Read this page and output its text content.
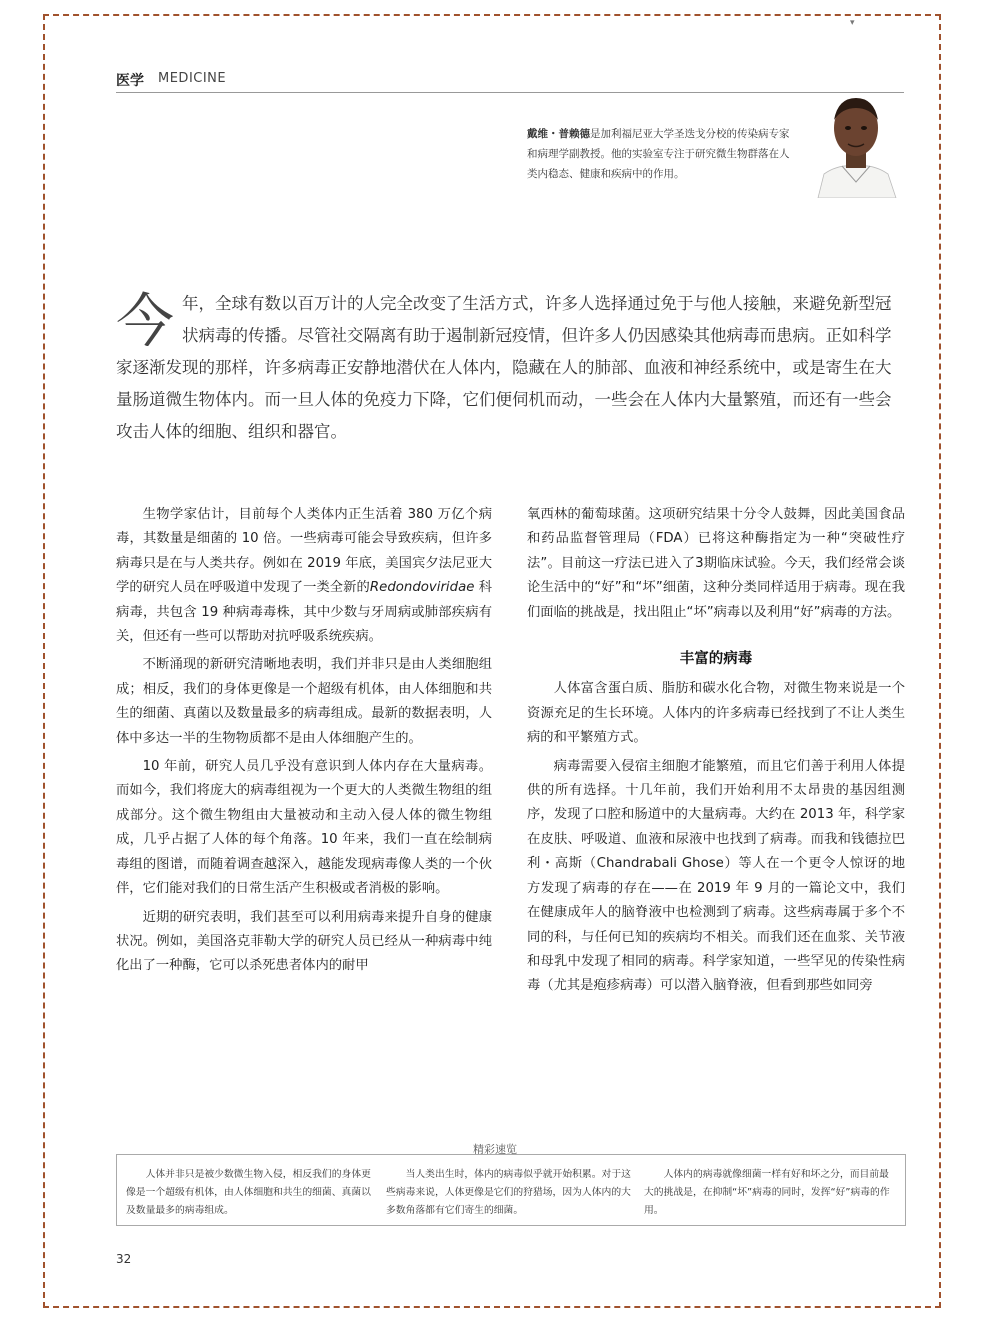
▾
医学 MEDICINE
戴维・普赖德是加利福尼亚大学圣迭戈分校的传染病专家和病理学副教授。他的实验室专注于研究微生物群落在人类内稳态、健康和疾病中的作用。
今年，全球有数以百万计的人完全改变了生活方式，许多人选择通过免于与他人接触，来避免新型冠状病毒的传播。尽管社交隔离有助于遏制新冠疫情，但许多人仍因感染其他病毒而患病。正如科学家逐渐发现的那样，许多病毒正安静地潜伏在人体内，隐藏在人的肺部、血液和神经系统中，或是寄生在大量肠道微生物体内。而一旦人体的免疫力下降，它们便伺机而动，一些会在人体内大量繁殖，而还有一些会攻击人体的细胞、组织和器官。

生物学家估计，目前每个人类体内正生活着 380 万亿个病毒，其数量是细菌的 10 倍。一些病毒可能会导致疾病，但许多病毒只是在与人类共存。例如在 2019 年底，美国宾夕法尼亚大学的研究人员在呼吸道中发现了一类全新的Redondoviridae 科病毒，共包含 19 种病毒毒株，其中少数与牙周病或肺部疾病有关，但还有一些可以帮助对抗呼吸系统疾病。

不断涌现的新研究清晰地表明，我们并非只是由人类细胞组成；相反，我们的身体更像是一个超级有机体，由人体细胞和共生的细菌、真菌以及数量最多的病毒组成。最新的数据表明，人体中多达一半的生物物质都不是由人体细胞产生的。

10 年前，研究人员几乎没有意识到人体内存在大量病毒。而如今，我们将庞大的病毒组视为一个更大的人类微生物组的组成部分。这个微生物组由大量被动和主动入侵人体的微生物组成，几乎占据了人体的每个角落。10 年来，我们一直在绘制病毒组的图谱，而随着调查越深入，越能发现病毒像人类的一个伙伴，它们能对我们的日常生活产生积极或者消极的影响。

近期的研究表明，我们甚至可以利用病毒来提升自身的健康状况。例如，美国洛克菲勒大学的研究人员已经从一种病毒中纯化出了一种酶，它可以杀死患者体内的耐甲

氧西林的葡萄球菌。这项研究结果十分令人鼓舞，因此美国食品和药品监督管理局（FDA）已将这种酶指定为一种“突破性疗法”。目前这一疗法已进入了3期临床试验。今天，我们经常会谈论生活中的“好”和“坏”细菌，这种分类同样适用于病毒。现在我们面临的挑战是，找出阻止“坏”病毒以及利用“好”病毒的方法。

丰富的病毒

人体富含蛋白质、脂肪和碳水化合物，对微生物来说是一个资源充足的生长环境。人体内的许多病毒已经找到了不让人类生病的和平繁殖方式。

病毒需要入侵宿主细胞才能繁殖，而且它们善于利用人体提供的所有选择。十几年前，我们开始利用不太昂贵的基因组测序，发现了口腔和肠道中的大量病毒。大约在 2013 年，科学家在皮肤、呼吸道、血液和尿液中也找到了病毒。而我和钱德拉巴利・高斯（Chandrabali Ghose）等人在一个更令人惊讶的地方发现了病毒的存在——在 2019 年 9 月的一篇论文中，我们在健康成年人的脑脊液中也检测到了病毒。这些病毒属于多个不同的科，与任何已知的疾病均不相关。而我们还在血浆、关节液和母乳中发现了相同的病毒。科学家知道，一些罕见的传染性病毒（尤其是疱疹病毒）可以潜入脑脊液，但看到那些如同旁

精彩速览
人体并非只是被少数微生物入侵，相反我们的身体更像是一个超级有机体，由人体细胞和共生的细菌、真菌以及数量最多的病毒组成。
当人类出生时，体内的病毒似乎就开始积累。对于这些病毒来说，人体更像是它们的狩猎场，因为人体内的大多数角落都有它们寄生的细菌。
人体内的病毒就像细菌一样有好和坏之分，而目前最大的挑战是，在抑制“坏”病毒的同时，发挥“好”病毒的作用。
32
